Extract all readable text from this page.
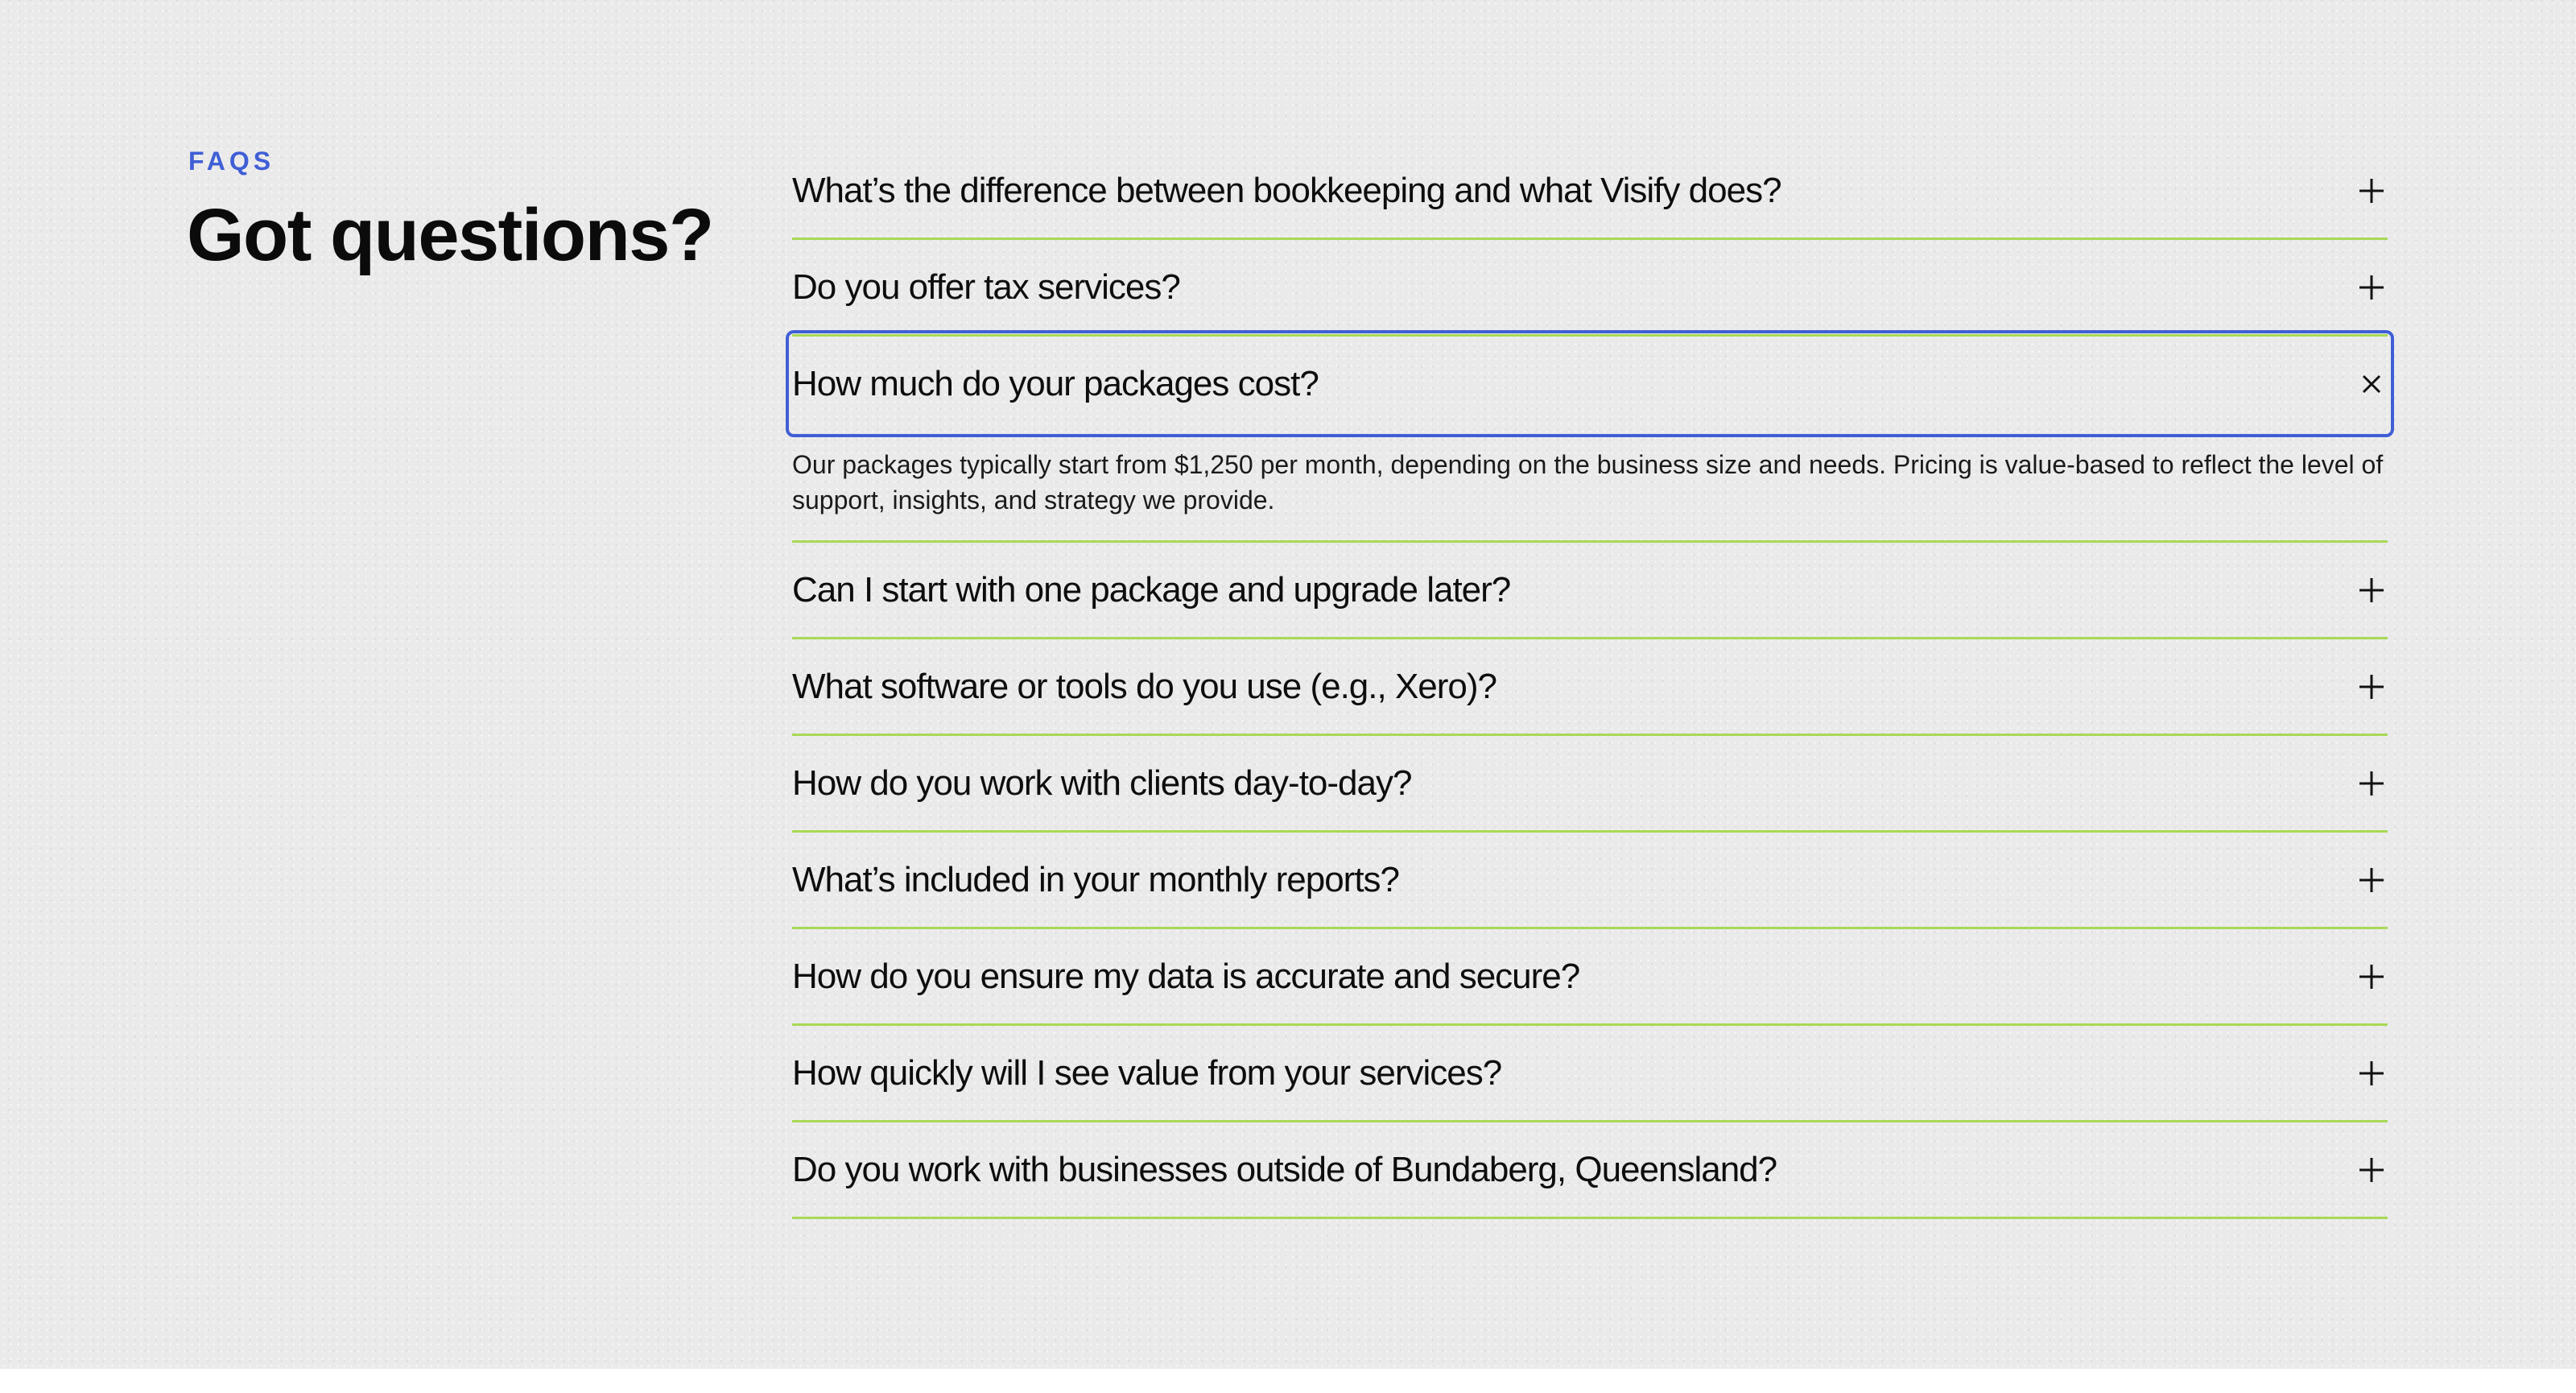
FAQS
Got questions?
What’s the difference between bookkeeping and what Visify does?
Do you offer tax services?
How much do your packages cost?
Our packages typically start from $1,250 per month, depending on the business size and needs. Pricing is value-based to reflect the level of support, insights, and strategy we provide.
Can I start with one package and upgrade later?
What software or tools do you use (e.g., Xero)?
How do you work with clients day-to-day?
What’s included in your monthly reports?
How do you ensure my data is accurate and secure?
How quickly will I see value from your services?
Do you work with businesses outside of Bundaberg, Queensland?
